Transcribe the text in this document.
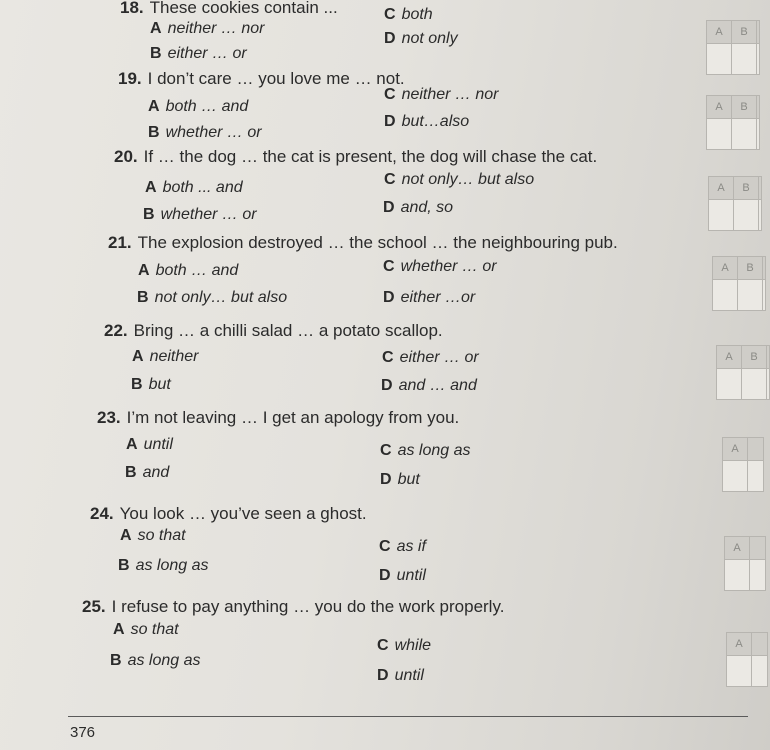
18. These cookies contain ...
A neither … nor
B either … or
C both
D not only
19. I don’t care … you love me … not.
A both … and
B whether … or
C neither … nor
D but…also
20. If … the dog … the cat is present, the dog will chase the cat.
A both ... and
B whether … or
C not only… but also
D and, so
21. The explosion destroyed … the school … the neighbouring pub.
A both … and
B not only… but also
C whether … or
D either …or
22. Bring … a chilli salad … a potato scallop.
A neither
B but
C either … or
D and … and
23. I’m not leaving … I get an apology from you.
A until
B and
C as long as
D but
24. You look … you’ve seen a ghost.
A so that
B as long as
C as if
D until
25. I refuse to pay anything … you do the work properly.
A so that
B as long as
C while
D until
A	B
A	B
A	B
A	B
A	B
A
A
A
376
